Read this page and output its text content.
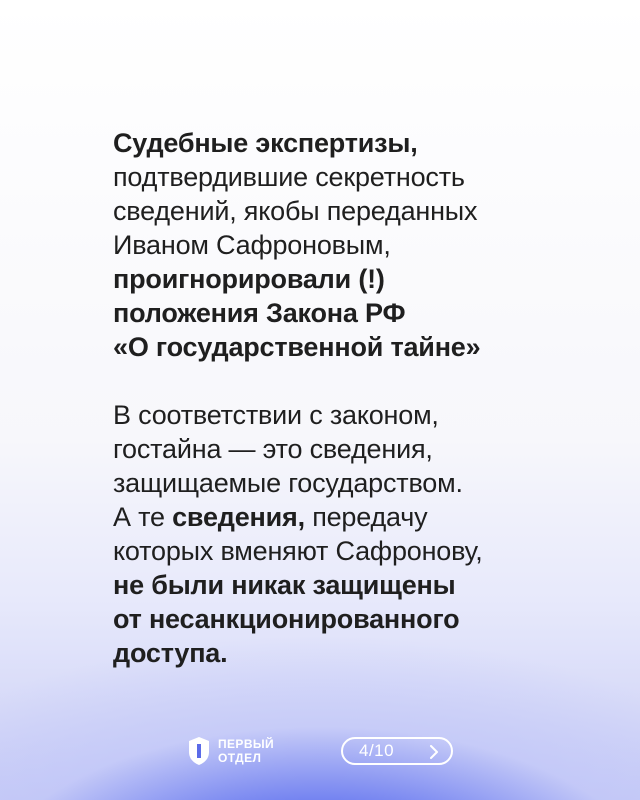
Судебные экспертизы,
подтвердившие секретность
сведений, якобы переданных
Иваном Сафроновым,
проигнорировали (!)
положения Закона РФ
«О государственной тайне»

В соответствии с законом,
гостайна — это сведения,
защищаемые государством.
А те сведения, передачу
которых вменяют Сафронову,
не были никак защищены
от несанкционированного
доступа.

ПЕРВЫЙ
ОТДЕЛ	4/10
